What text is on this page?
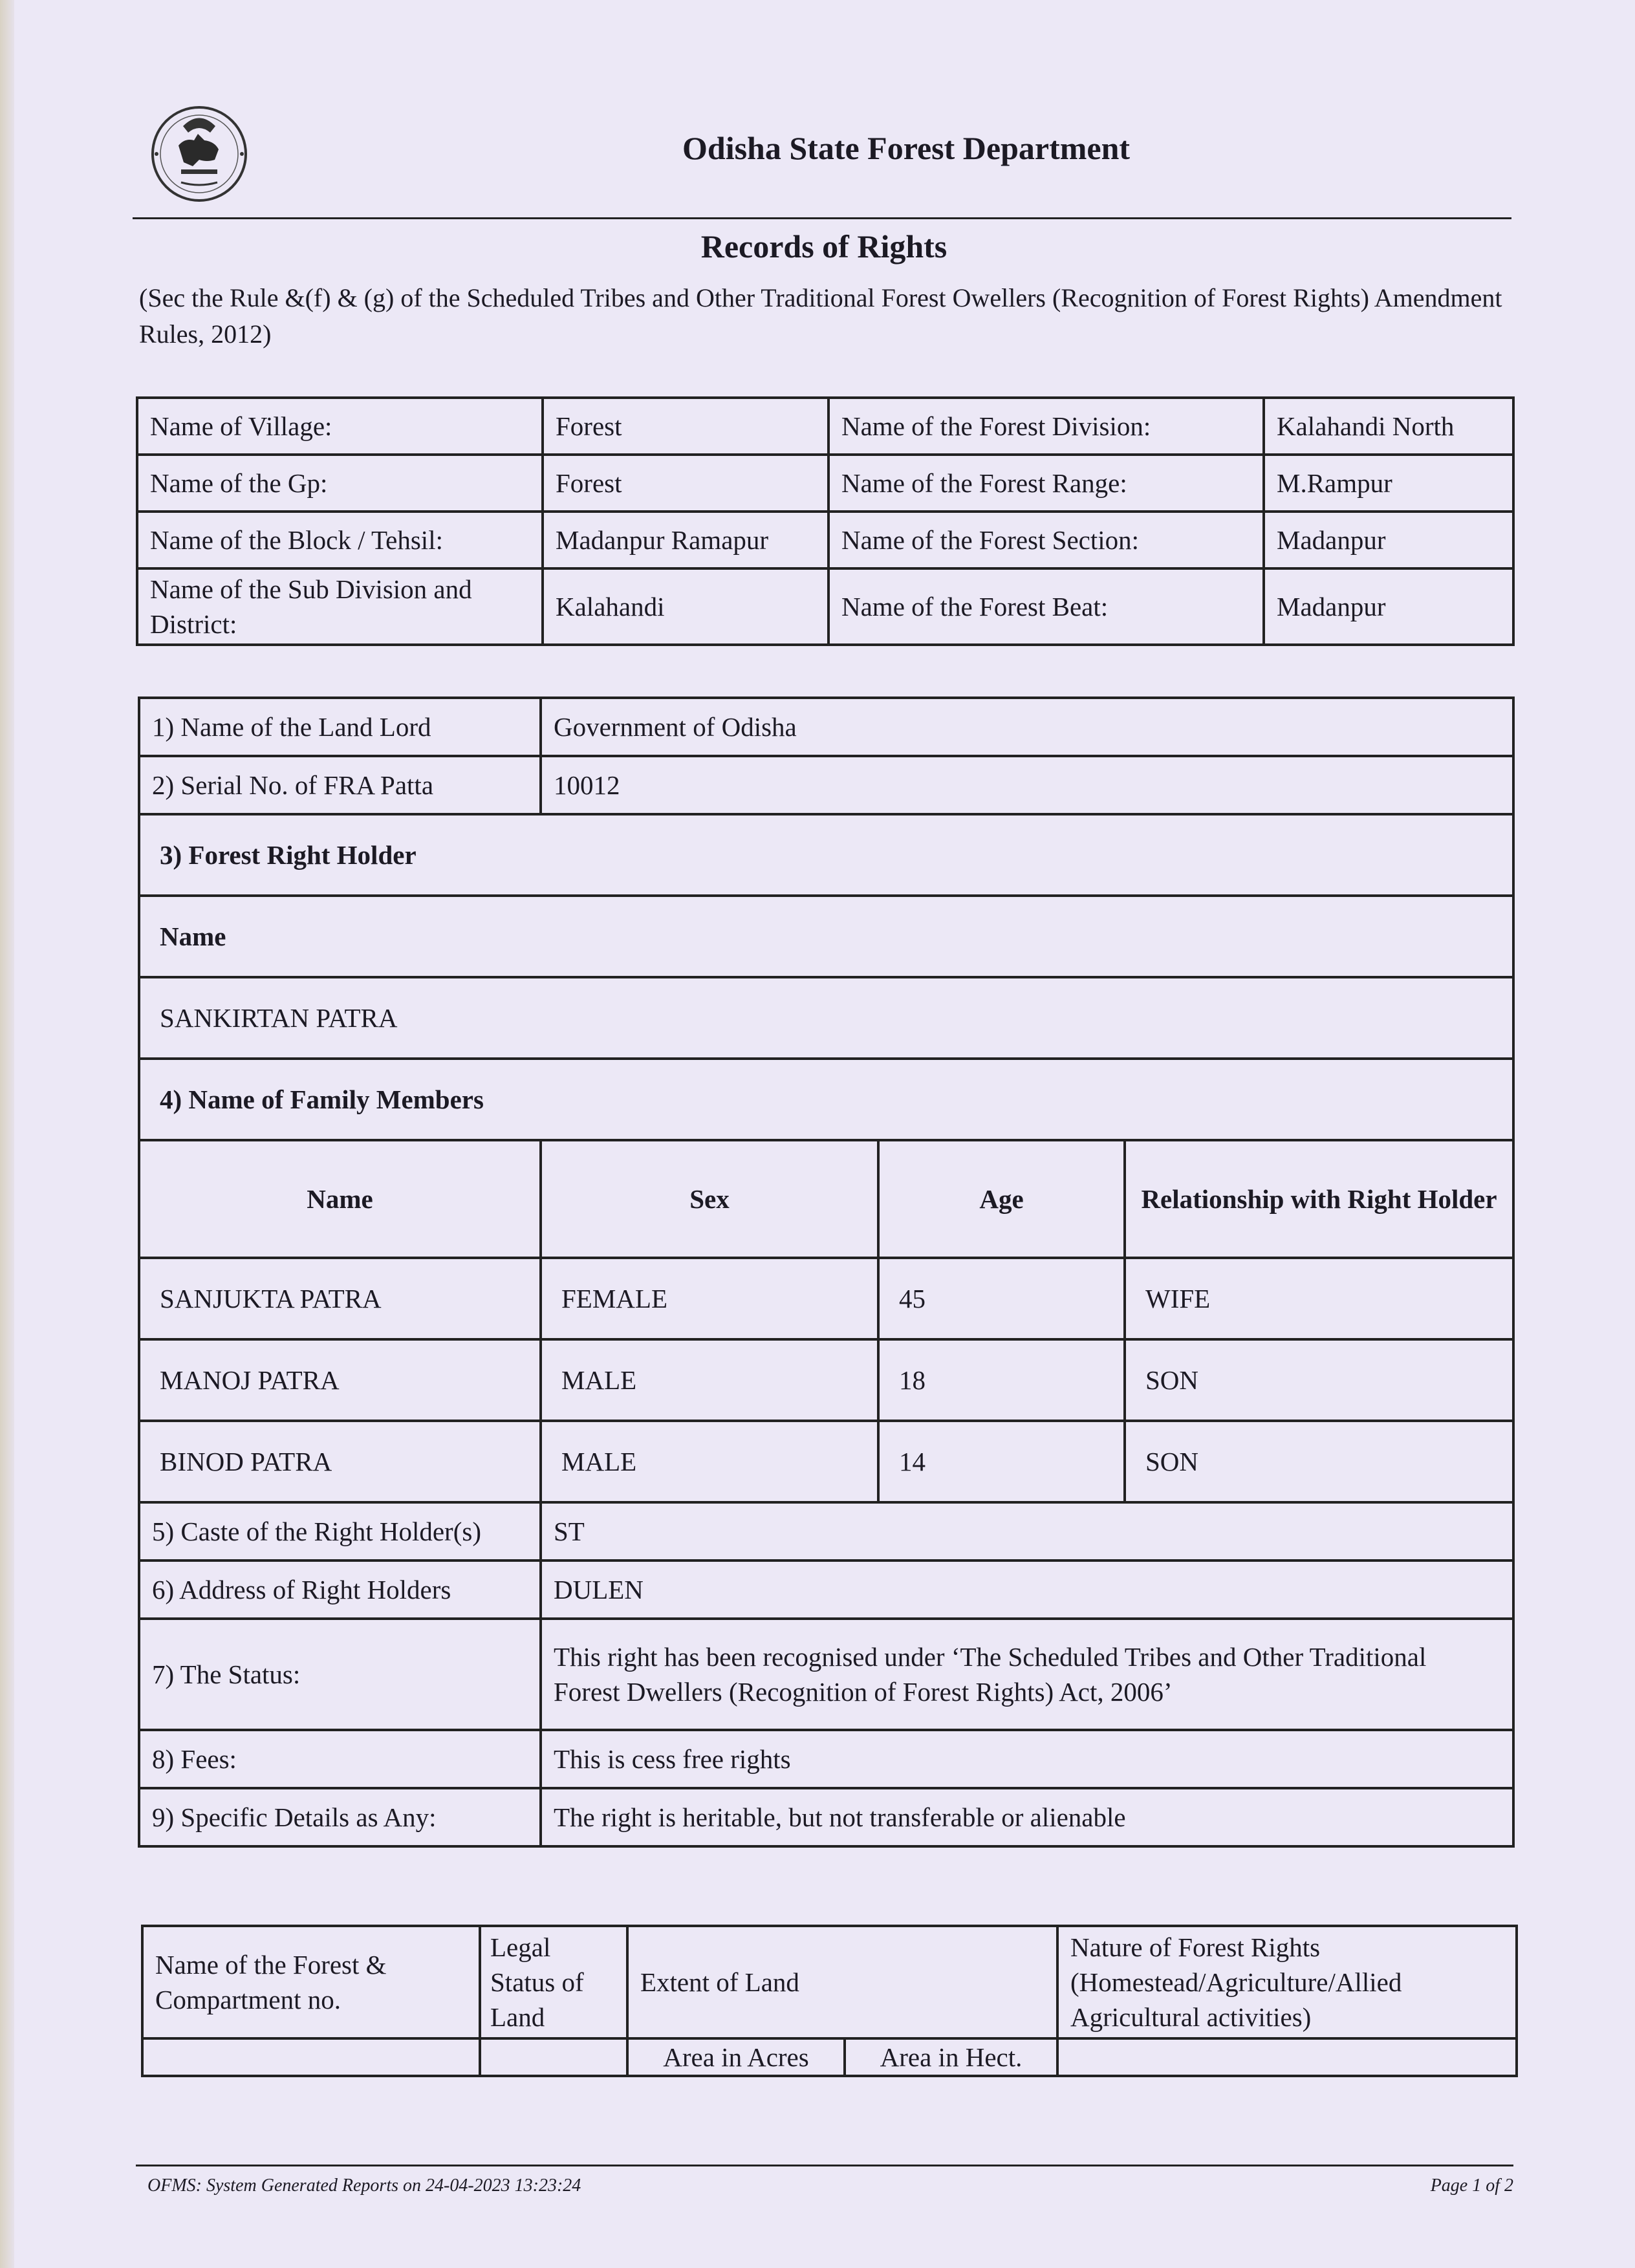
Odisha State Forest Department
Records of Rights
(Sec the Rule &(f) & (g) of the Scheduled Tribes and Other Traditional Forest Owellers (Recognition of Forest Rights) Amendment Rules, 2012)
Name of Village:	Forest	Name of the Forest Division:	Kalahandi North
Name of the Gp:	Forest	Name of the Forest Range:	M.Rampur
Name of the Block / Tehsil:	Madanpur Ramapur	Name of the Forest Section:	Madanpur
Name of the Sub Division and District:	Kalahandi	Name of the Forest Beat:	Madanpur
1) Name of the Land Lord	Government of Odisha		
2) Serial No. of FRA Patta	10012		
3) Forest Right Holder			
Name			
SANKIRTAN PATRA			
4) Name of Family Members			
Name	Sex	Age	Relationship with Right Holder
SANJUKTA PATRA	FEMALE	45	WIFE
MANOJ PATRA	MALE	18	SON
BINOD PATRA	MALE	14	SON
5) Caste of the Right Holder(s)	ST		
6) Address of Right Holders	DULEN		
7) The Status:	This right has been recognised under ‘The Scheduled Tribes and Other Traditional
Forest Dwellers (Recognition of Forest Rights) Act, 2006’		

8) Fees:	This is cess free rights		
9) Specific Details as Any:	The right is heritable, but not transferable or alienable		
Name of the Forest & Compartment no.	Legal Status of Land	Extent of Land		Nature of Forest Rights (Homestead/Agriculture/Allied Agricultural activities)
		Area in Acres	Area in Hect.	
OFMS: System Generated Reports on 24-04-2023 13:23:24	Page 1 of 2
